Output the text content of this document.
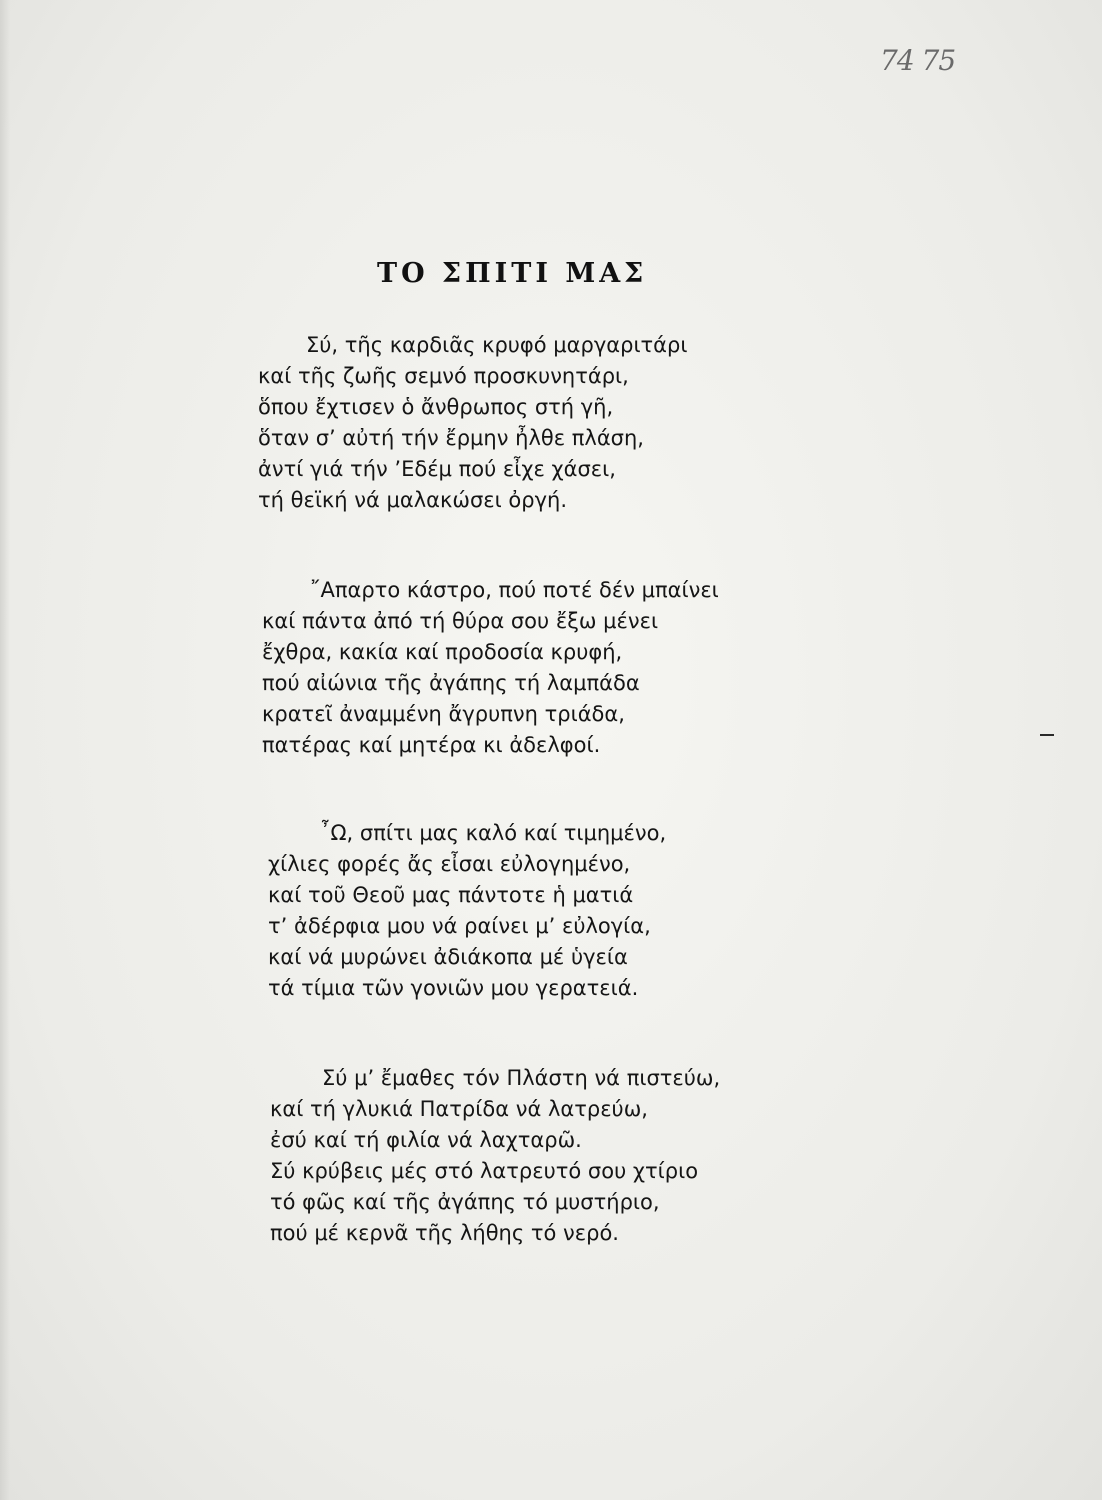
74 75
ΤΟ ΣΠΙΤΙ ΜΑΣ
Σύ, τῆς καρδιᾶς κρυφό μαργαριτάρι
καί τῆς ζωῆς σεμνό προσκυνητάρι,
ὅπου ἔχτισεν ὁ ἄνθρωπος στή γῆ,
ὅταν σ’ αὐτή τήν ἔρμην ἦλθε πλάση,
ἀντί γιά τήν ’Εδέμ πού εἶχε χάσει,
τή θεϊκή νά μαλακώσει ὀργή.
῎Απαρτο κάστρο, πού ποτέ δέν μπαίνει
καί πάντα ἀπό τή θύρα σου ἔξω μένει
ἔχθρα, κακία καί προδοσία κρυφή,
πού αἰώνια τῆς ἀγάπης τή λαμπάδα
κρατεῖ ἀναμμένη ἄγρυπνη τριάδα,
πατέρας καί μητέρα κι ἀδελφοί.
῏Ω, σπίτι μας καλό καί τιμημένο,
χίλιες φορές ἄς εἶσαι εὐλογημένο,
καί τοῦ Θεοῦ μας πάντοτε ἡ ματιά
τ’ ἀδέρφια μου νά ραίνει μ’ εὐλογία,
καί νά μυρώνει ἀδιάκοπα μέ ὑγεία
τά τίμια τῶν γονιῶν μου γερατειά.
Σύ μ’ ἔμαθες τόν Πλάστη νά πιστεύω,
καί τή γλυκιά Πατρίδα νά λατρεύω,
ἐσύ καί τή φιλία νά λαχταρῶ.
Σύ κρύβεις μές στό λατρευτό σου χτίριο
τό φῶς καί τῆς ἀγάπης τό μυστήριο,
πού μέ κερνᾶ τῆς λήθης τό νερό.
